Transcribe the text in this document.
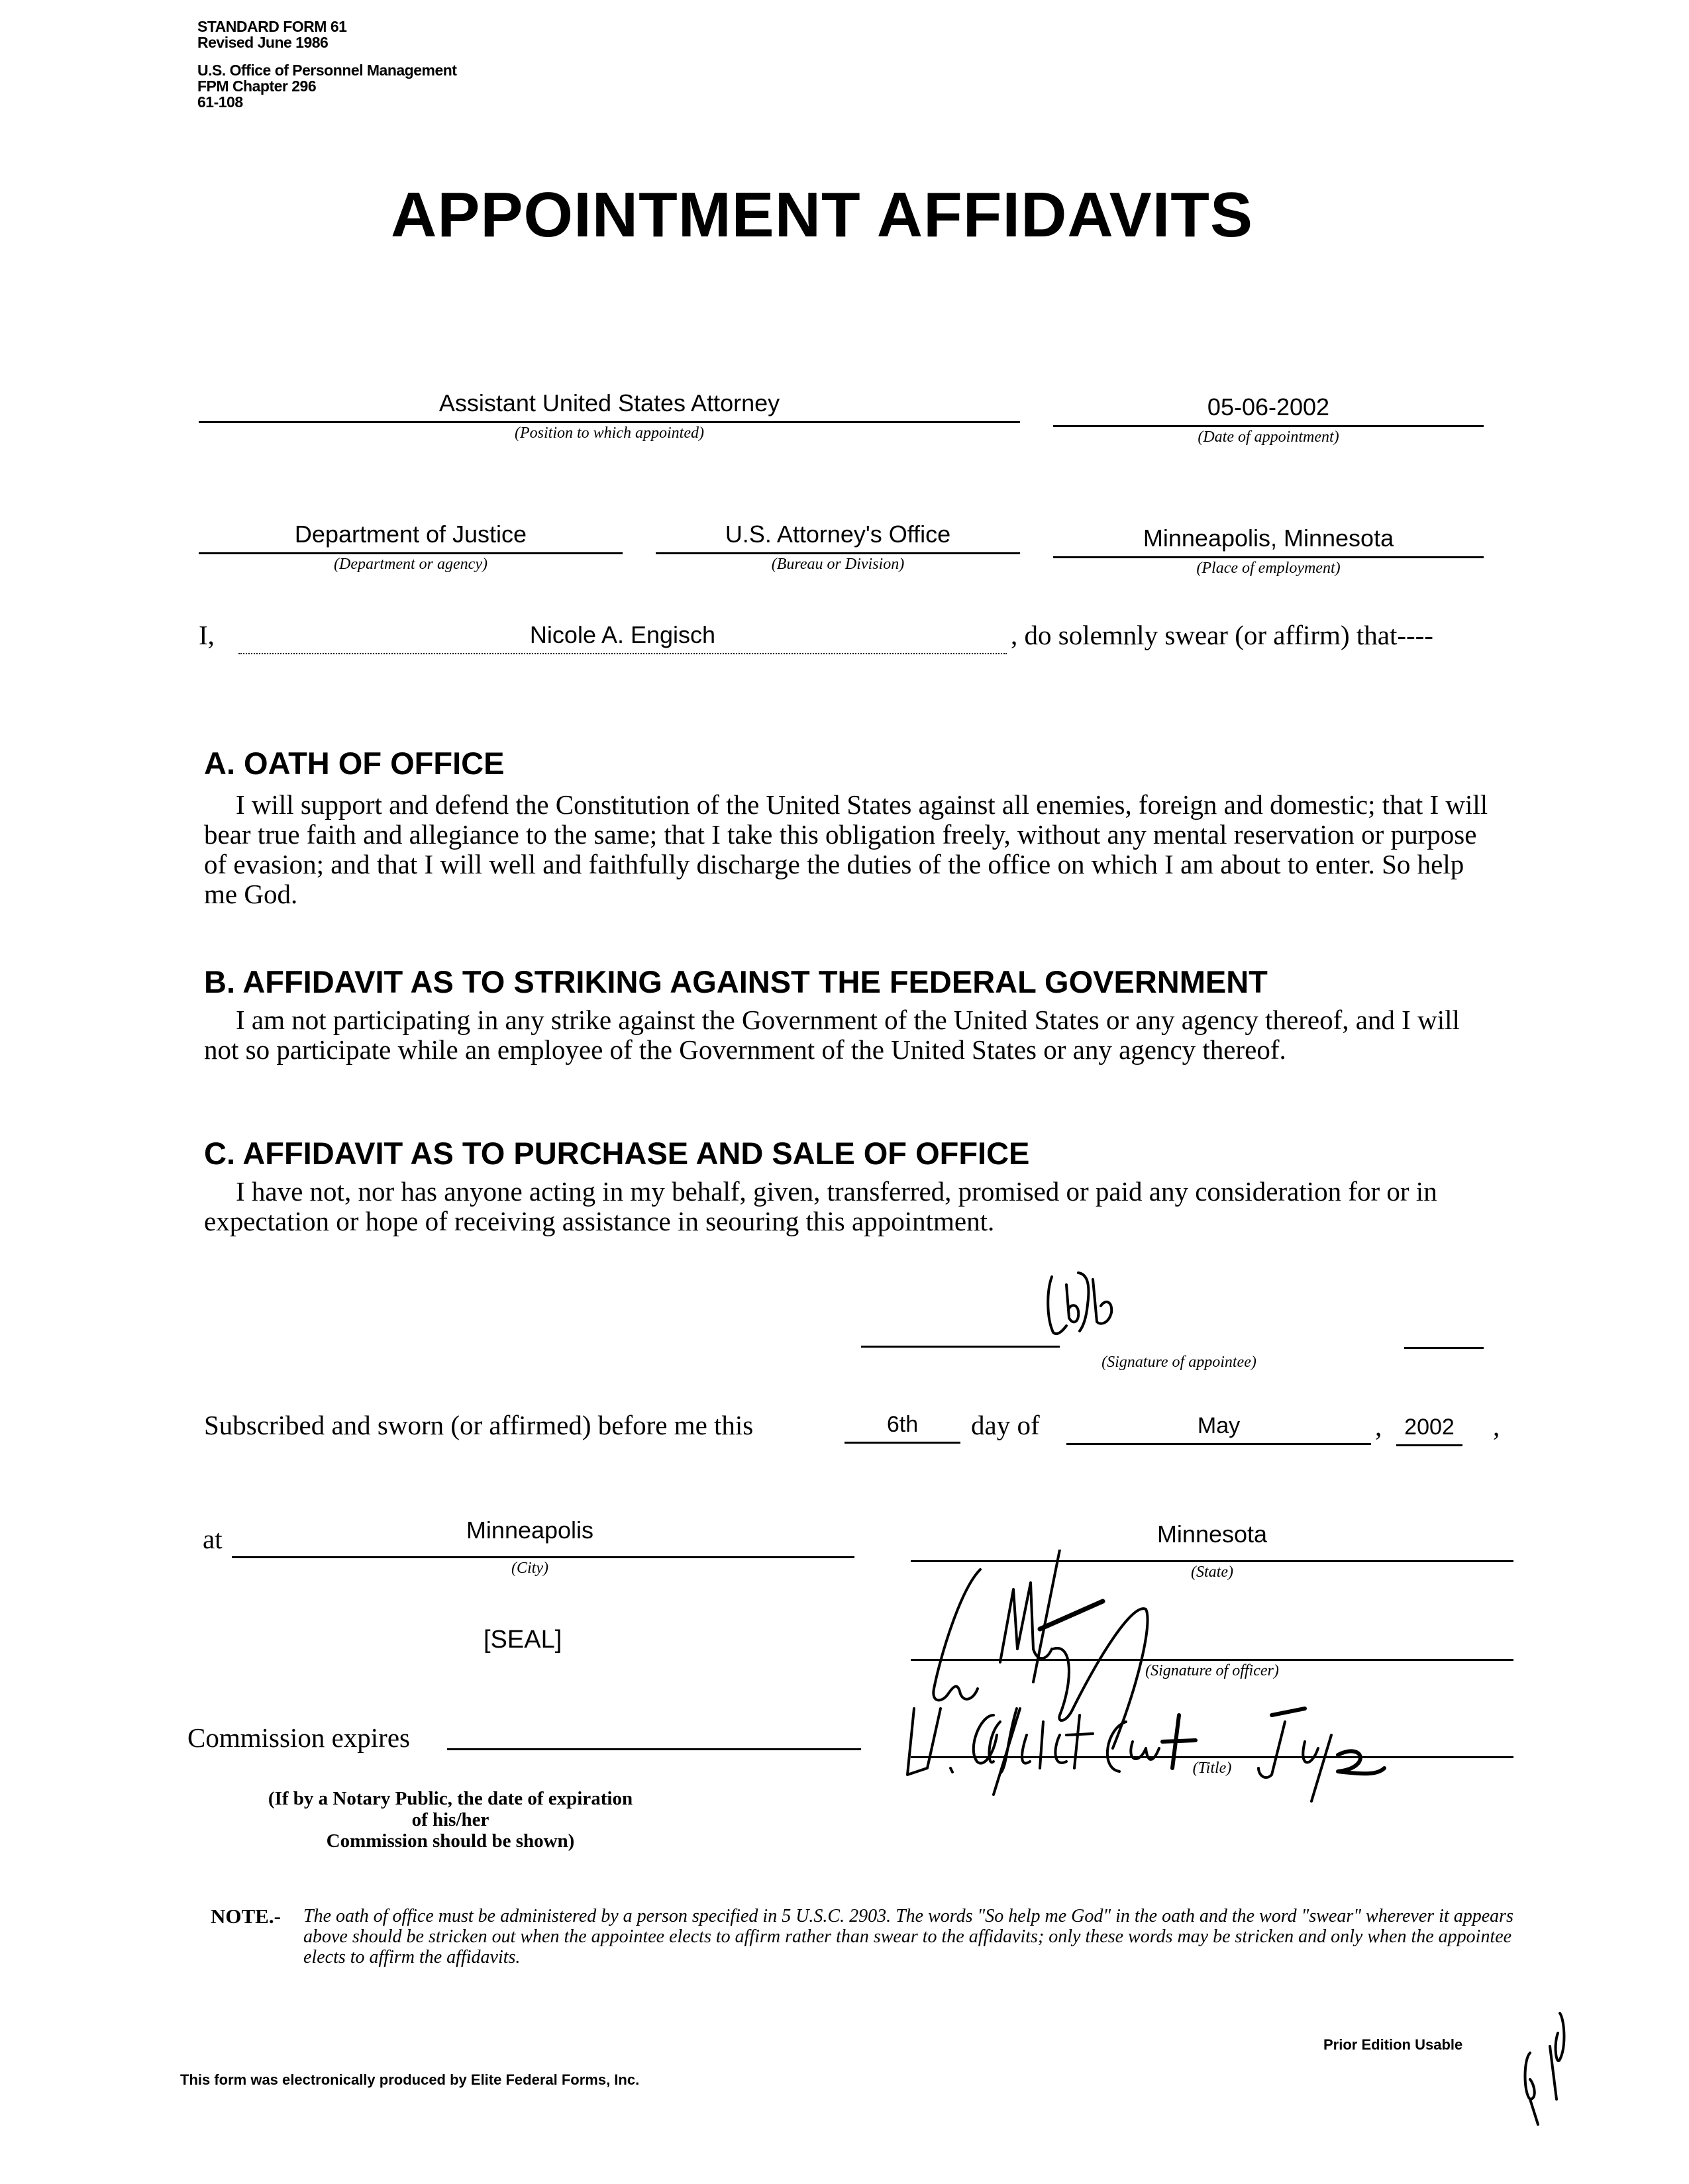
STANDARD FORM 61
Revised June 1986
U.S. Office of Personnel Management
FPM Chapter 296
61-108
APPOINTMENT AFFIDAVITS
Assistant United States Attorney
(Position to which appointed)
05-06-2002
(Date of appointment)
Department of Justice
(Department or agency)
U.S. Attorney's Office
(Bureau or Division)
Minneapolis, Minnesota
(Place of employment)
I,	Nicole A. Engisch	, do solemnly swear (or affirm) that----
A. OATH OF OFFICE
I will support and defend the Constitution of the United States against all enemies, foreign and domestic; that I will bear true faith and allegiance to the same; that I take this obligation freely, without any mental reservation or purpose of evasion; and that I will well and faithfully discharge the duties of the office on which I am about to enter. So help me God.
B. AFFIDAVIT AS TO STRIKING AGAINST THE FEDERAL GOVERNMENT
I am not participating in any strike against the Government of the United States or any agency thereof, and I will not so participate while an employee of the Government of the United States or any agency thereof.
C. AFFIDAVIT AS TO PURCHASE AND SALE OF OFFICE
I have not, nor has anyone acting in my behalf, given, transferred, promised or paid any consideration for or in expectation or hope of receiving assistance in seouring this appointment.
(Signature of appointee)
Subscribed and sworn (or affirmed) before me this	6th	day of	May	, 2002 ,
at	Minneapolis
(City)
Minnesota
(State)
[SEAL]
(Signature of officer)
Commission expires
(If by a Notary Public, the date of expiration of his/her
Commission should be shown)
(Title)
NOTE.- The oath of office must be administered by a person specified in 5 U.S.C. 2903. The words "So help me God" in the oath and the word "swear" wherever it appears above should be stricken out when the appointee elects to affirm rather than swear to the affidavits; only these words may be stricken and only when the appointee elects to affirm the affidavits.
Prior Edition Usable
This form was electronically produced by Elite Federal Forms, Inc.
